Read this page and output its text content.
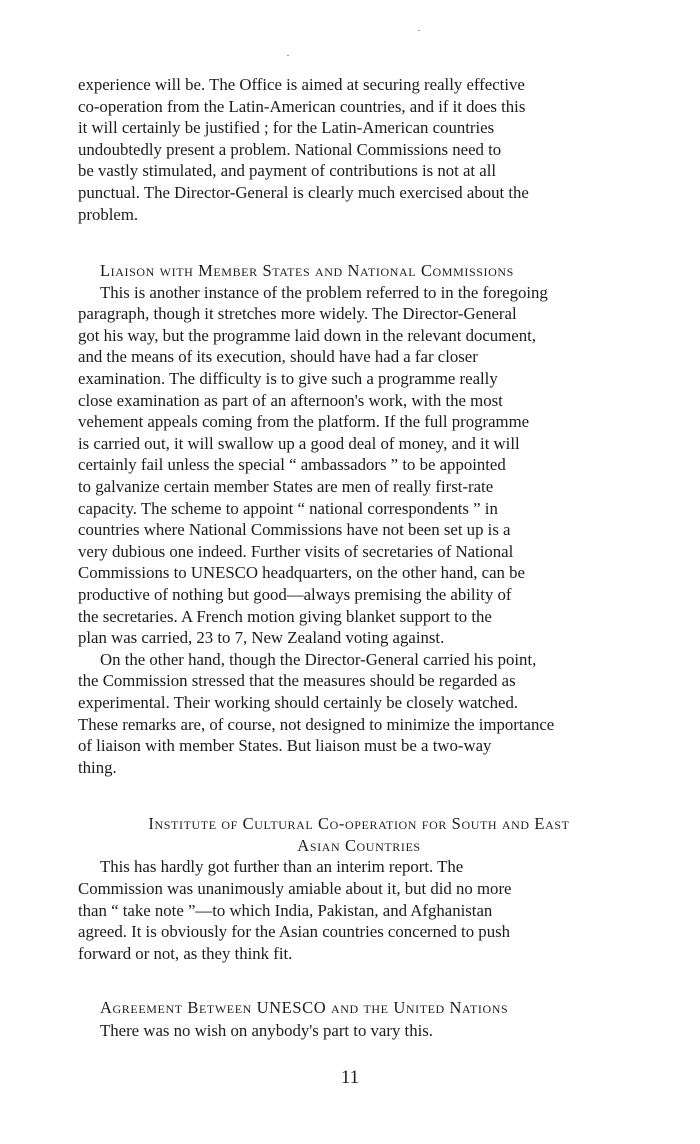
experience will be. The Office is aimed at securing really effective
co-operation from the Latin-American countries, and if it does this
it will certainly be justified ; for the Latin-American countries
undoubtedly present a problem. National Commissions need to
be vastly stimulated, and payment of contributions is not at all
punctual. The Director-General is clearly much exercised about the
problem.

Liaison with Member States and National Commissions

This is another instance of the problem referred to in the foregoing
paragraph, though it stretches more widely. The Director-General
got his way, but the programme laid down in the relevant document,
and the means of its execution, should have had a far closer
examination. The difficulty is to give such a programme really
close examination as part of an afternoon's work, with the most
vehement appeals coming from the platform. If the full programme
is carried out, it will swallow up a good deal of money, and it will
certainly fail unless the special “ ambassadors ” to be appointed
to galvanize certain member States are men of really first-rate
capacity. The scheme to appoint “ national correspondents ” in
countries where National Commissions have not been set up is a
very dubious one indeed. Further visits of secretaries of National
Commissions to UNESCO headquarters, on the other hand, can be
productive of nothing but good—always premising the ability of
the secretaries. A French motion giving blanket support to the
plan was carried, 23 to 7, New Zealand voting against.

On the other hand, though the Director-General carried his point,
the Commission stressed that the measures should be regarded as
experimental. Their working should certainly be closely watched.
These remarks are, of course, not designed to minimize the importance
of liaison with member States. But liaison must be a two-way
thing.

Institute of Cultural Co-operation for South and East
Asian Countries

This has hardly got further than an interim report. The
Commission was unanimously amiable about it, but did no more
than “ take note ”—to which India, Pakistan, and Afghanistan
agreed. It is obviously for the Asian countries concerned to push
forward or not, as they think fit.

Agreement Between UNESCO and the United Nations
There was no wish on anybody's part to vary this.
11
